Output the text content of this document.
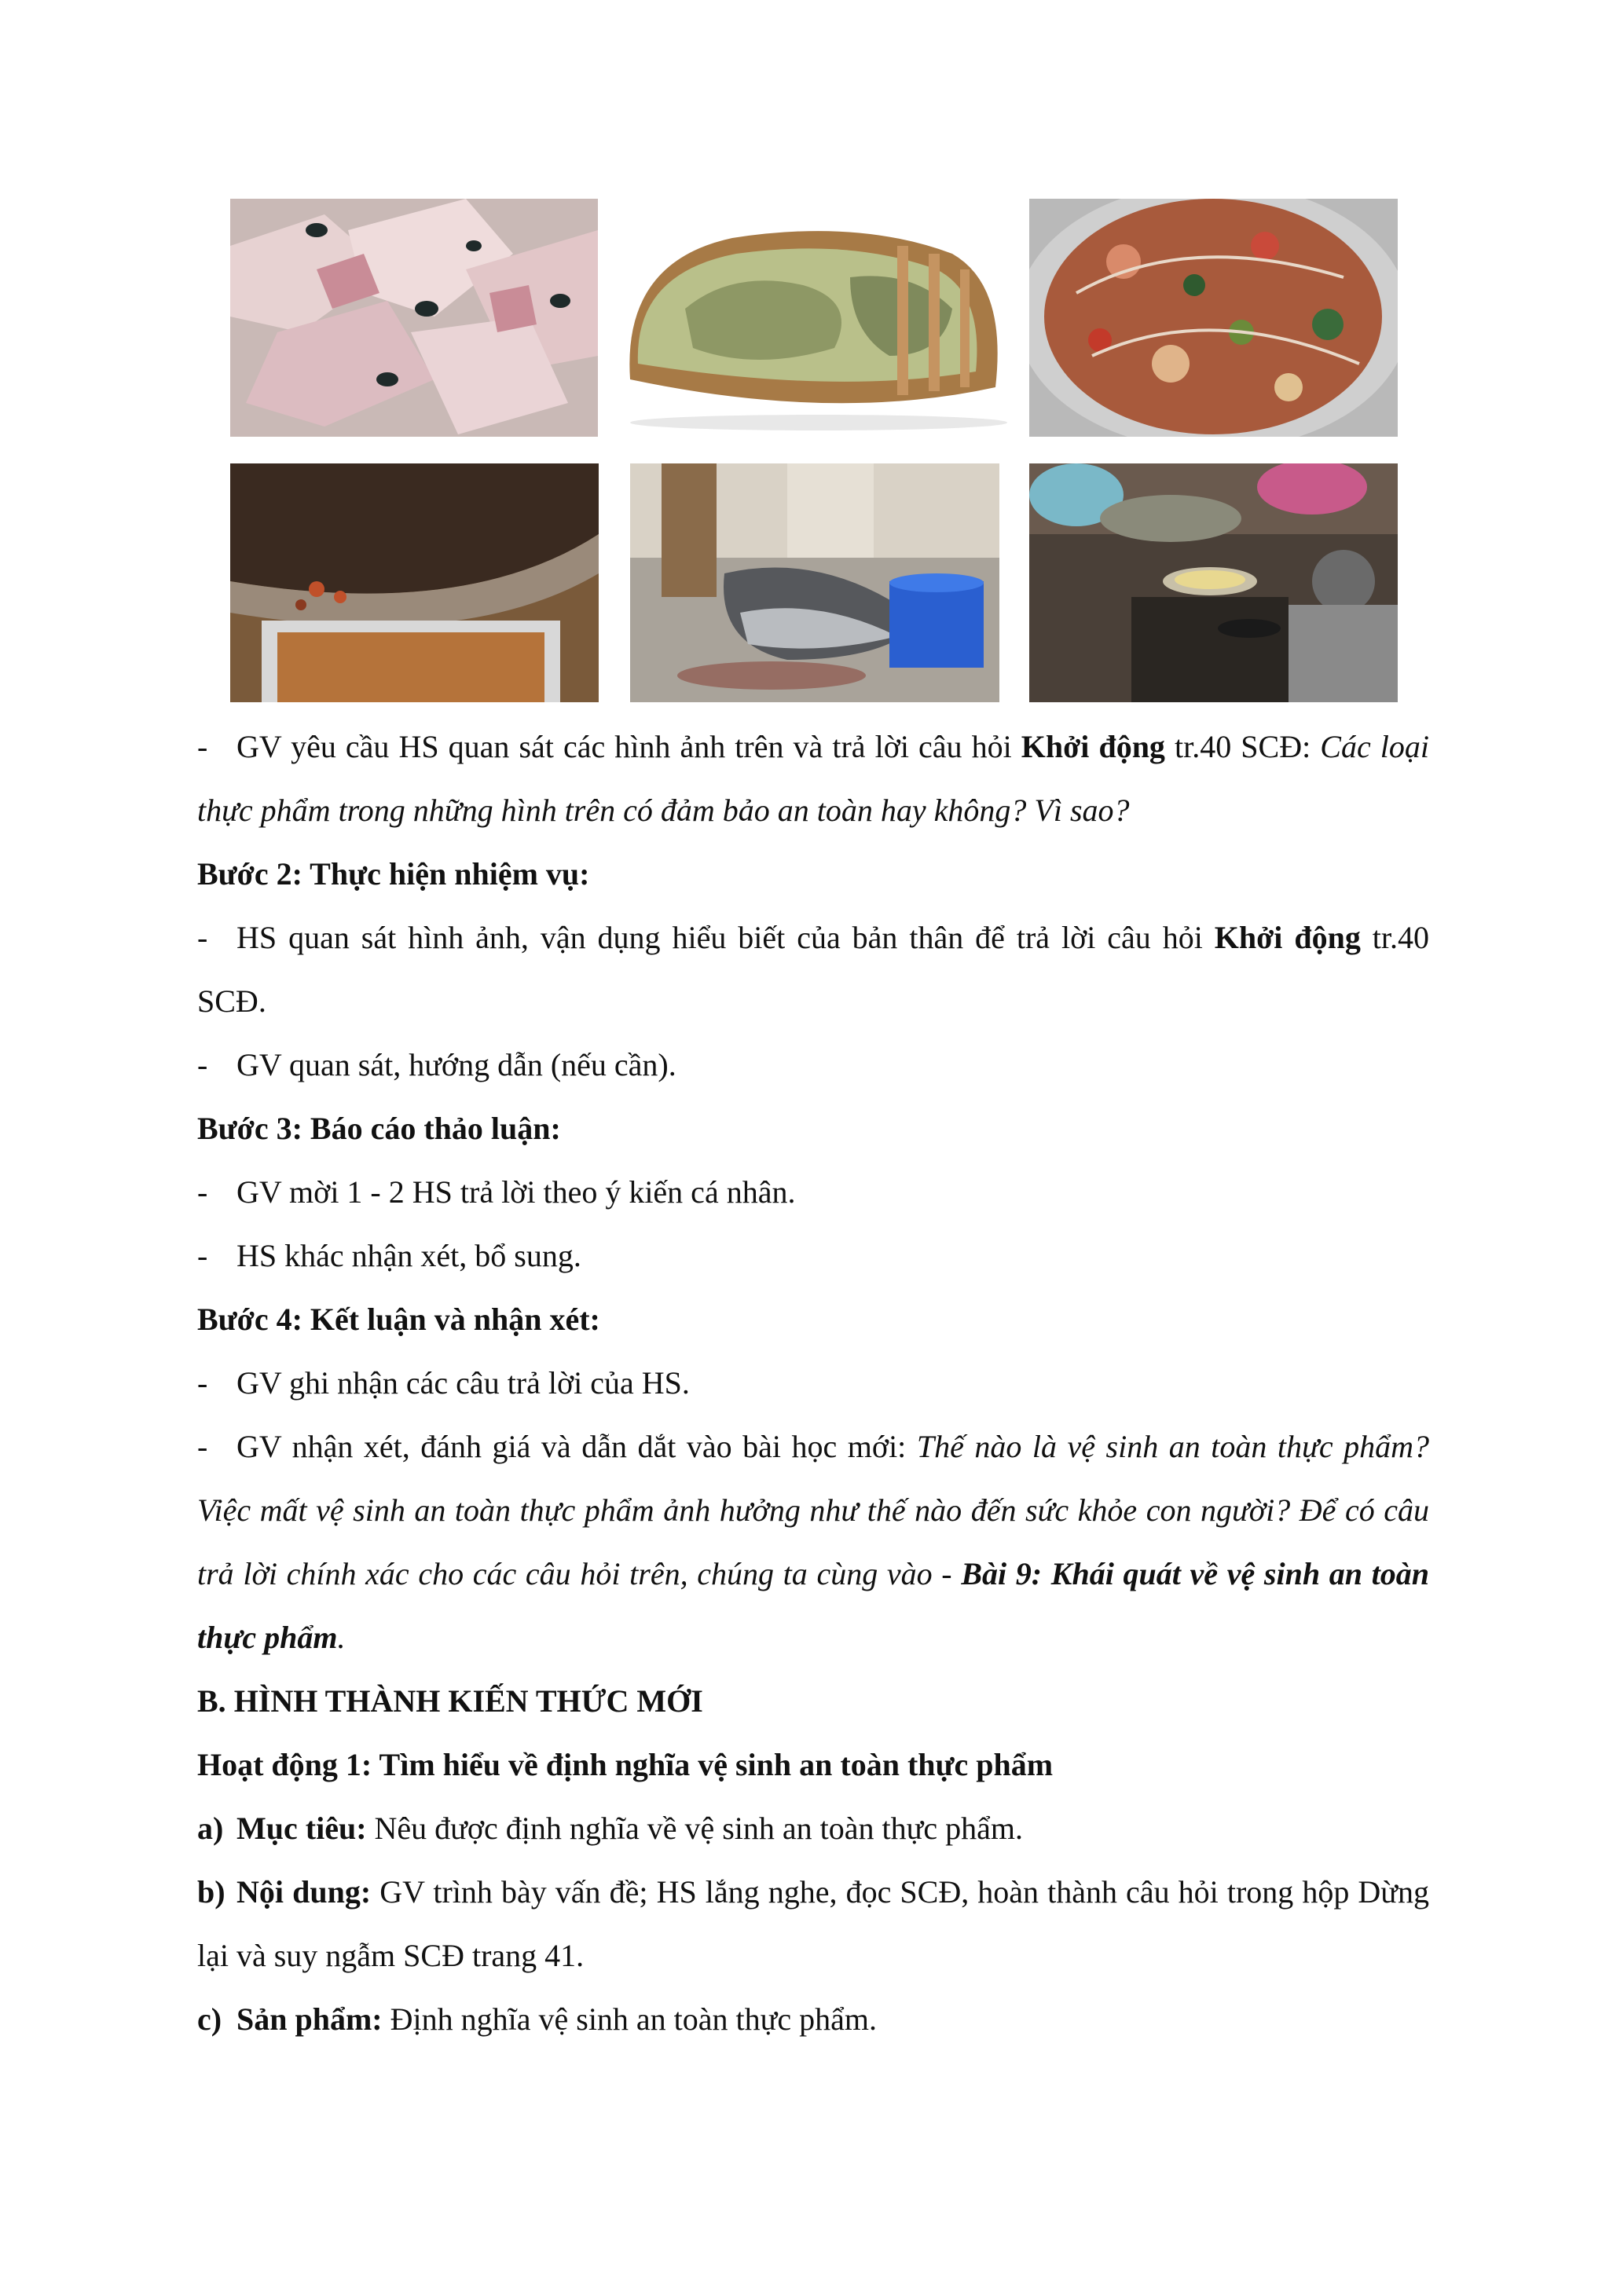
- GV yêu cầu HS quan sát các hình ảnh trên và trả lời câu hỏi Khởi động tr.40 SCĐ: Các loại thực phẩm trong những hình trên có đảm bảo an toàn hay không? Vì sao?

Bước 2: Thực hiện nhiệm vụ:

- HS quan sát hình ảnh, vận dụng hiểu biết của bản thân để trả lời câu hỏi Khởi động tr.40 SCĐ.

- GV quan sát, hướng dẫn (nếu cần).

Bước 3: Báo cáo thảo luận:

- GV mời 1 - 2 HS trả lời theo ý kiến cá nhân.

- HS khác nhận xét, bổ sung.

Bước 4: Kết luận và nhận xét:

- GV ghi nhận các câu trả lời của HS.

- GV nhận xét, đánh giá và dẫn dắt vào bài học mới: Thế nào là vệ sinh an toàn thực phẩm? Việc mất vệ sinh an toàn thực phẩm ảnh hưởng như thế nào đến sức khỏe con người? Để có câu trả lời chính xác cho các câu hỏi trên, chúng ta cùng vào - Bài 9: Khái quát về vệ sinh an toàn thực phẩm.

B. HÌNH THÀNH KIẾN THỨC MỚI

Hoạt động 1: Tìm hiểu về định nghĩa vệ sinh an toàn thực phẩm

a) Mục tiêu: Nêu được định nghĩa về vệ sinh an toàn thực phẩm.

b) Nội dung: GV trình bày vấn đề; HS lắng nghe, đọc SCĐ, hoàn thành câu hỏi trong hộp Dừng lại và suy ngẫm SCĐ trang 41.

c) Sản phẩm: Định nghĩa vệ sinh an toàn thực phẩm.
